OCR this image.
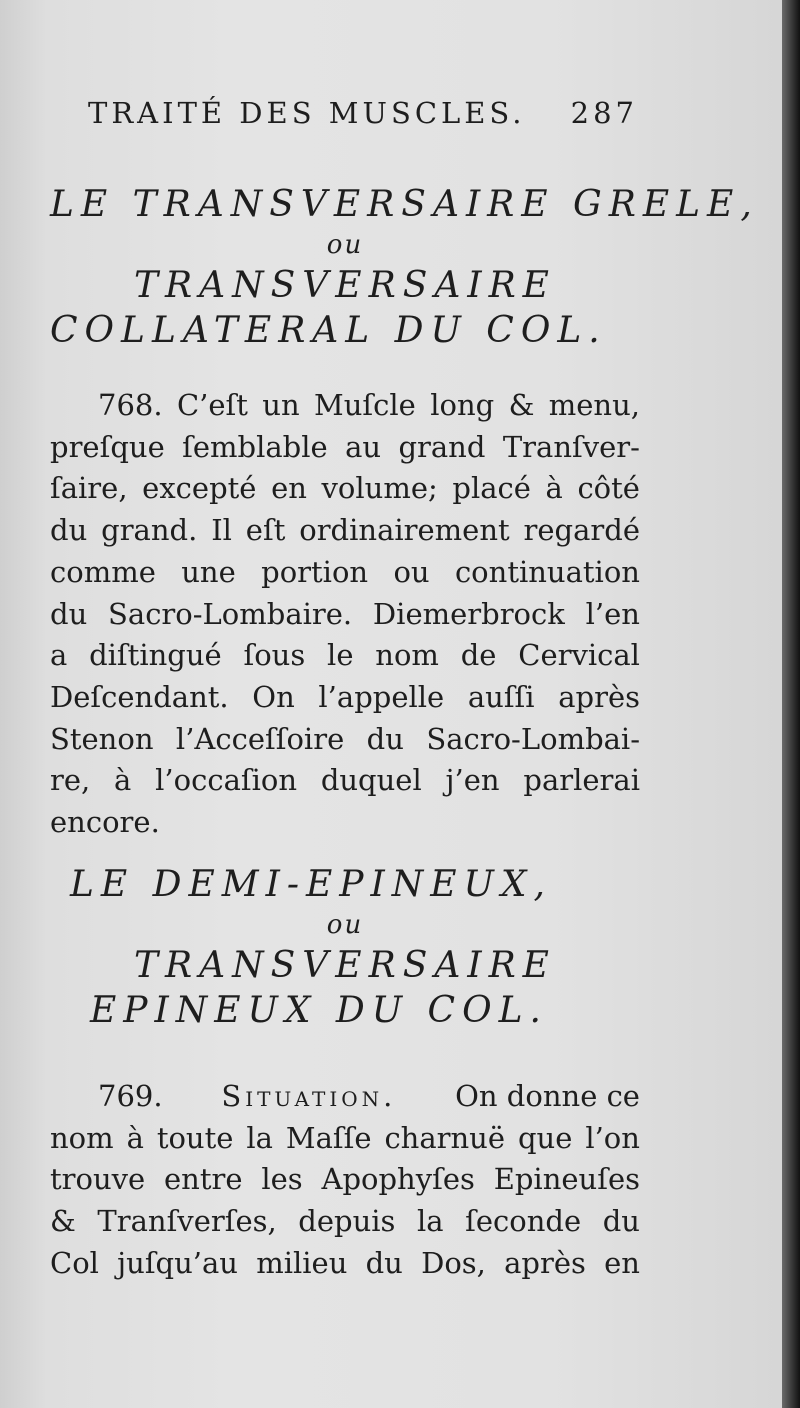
TRAITÉ DES MUSCLES. 287
LE TRANSVERSAIRE GRELE,
ou
TRANSVERSAIRE
COLLATERAL DU COL.
768. C’eſt un Muſcle long & menu,
preſque ſemblable au grand Tranſver-
ſaire, excepté en volume; placé à côté
du grand. Il eſt ordinairement regardé
comme une portion ou continuation
du Sacro-Lombaire. Diemerbrock l’en
a diſtingué ſous le nom de Cervical
Deſcendant. On l’appelle auſſi après
Stenon l’Acceſſoire du Sacro-Lombai-
re, à l’occaſion duquel j’en parlerai
encore.
LE DEMI-EPINEUX,
ou
TRANSVERSAIRE
EPINEUX DU COL.
769. Situation. On donne ce
nom à toute la Maſſe charnuë que l’on
trouve entre les Apophyſes Epineuſes
& Tranſverſes, depuis la ſeconde du
Col juſqu’au milieu du Dos, après en
